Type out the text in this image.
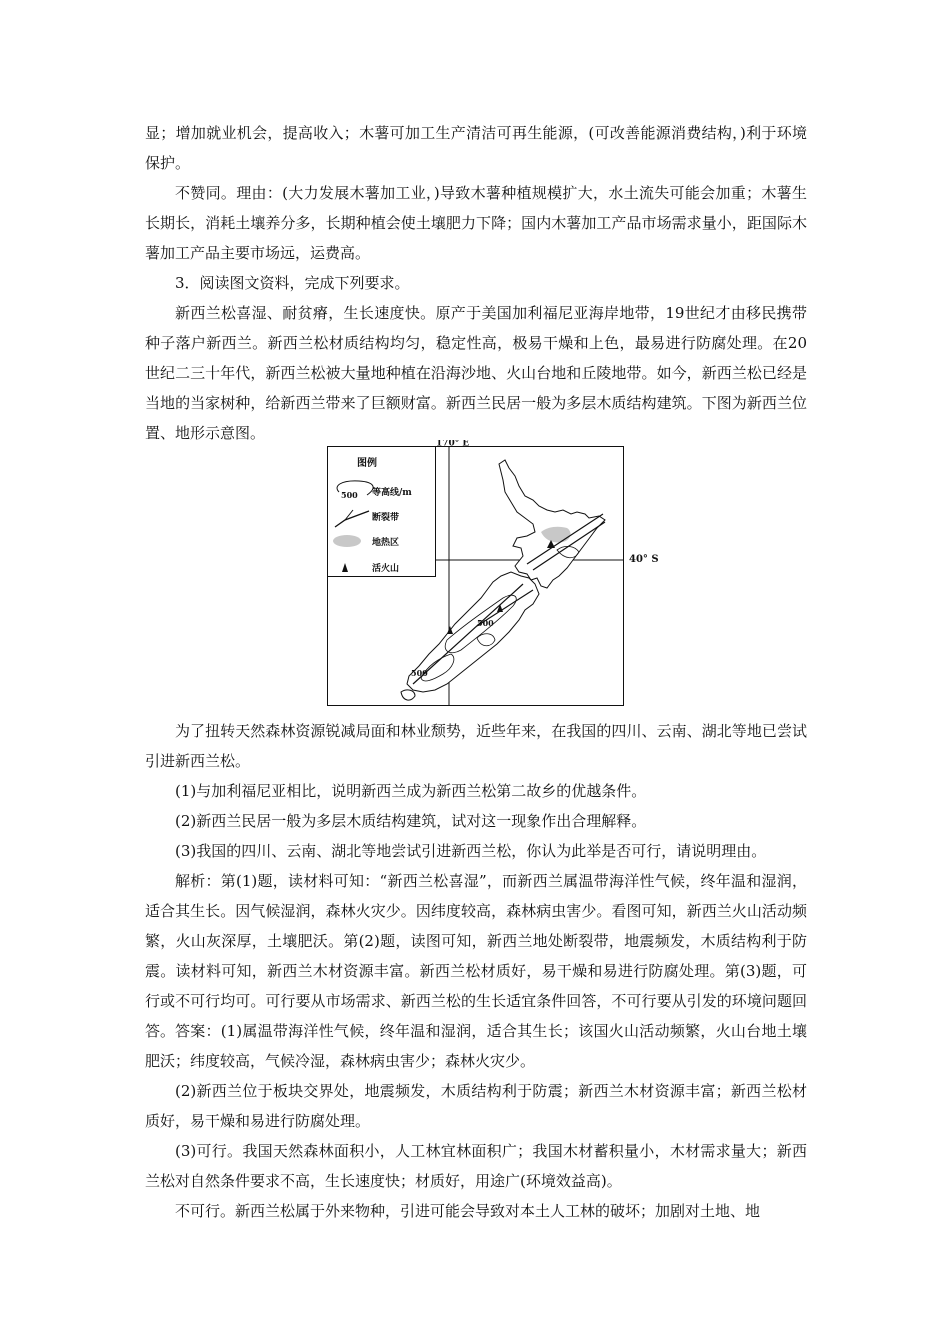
显；增加就业机会，提高收入；木薯可加工生产清洁可再生能源，(可改善能源消费结构，)利于环境保护。

不赞同。理由：(大力发展木薯加工业，)导致木薯种植规模扩大，水土流失可能会加重；木薯生长期长，消耗土壤养分多，长期种植会使土壤肥力下降；国内木薯加工产品市场需求量小，距国际木薯加工产品主要市场远，运费高。

3．阅读图文资料，完成下列要求。

新西兰松喜湿、耐贫瘠，生长速度快。原产于美国加利福尼亚海岸地带，19世纪才由移民携带种子落户新西兰。新西兰松材质结构均匀，稳定性高，极易干燥和上色，最易进行防腐处理。在20世纪二三十年代，新西兰松被大量地种植在沿海沙地、火山台地和丘陵地带。如今，新西兰松已经是当地的当家树种，给新西兰带来了巨额财富。新西兰民居一般为多层木质结构建筑。下图为新西兰位置、地形示意图。

170° E
图例
500 等高线/m
断裂带
地热区
活火山
500
500
40° S

为了扭转天然森林资源锐减局面和林业颓势，近些年来，在我国的四川、云南、湖北等地已尝试引进新西兰松。

(1)与加利福尼亚相比，说明新西兰成为新西兰松第二故乡的优越条件。

(2)新西兰民居一般为多层木质结构建筑，试对这一现象作出合理解释。

(3)我国的四川、云南、湖北等地尝试引进新西兰松，你认为此举是否可行，请说明理由。

解析：第(1)题，读材料可知：“新西兰松喜湿”，而新西兰属温带海洋性气候，终年温和湿润，适合其生长。因气候湿润，森林火灾少。因纬度较高，森林病虫害少。看图可知，新西兰火山活动频繁，火山灰深厚，土壤肥沃。第(2)题，读图可知，新西兰地处断裂带，地震频发，木质结构利于防震。读材料可知，新西兰木材资源丰富。新西兰松材质好，易干燥和易进行防腐处理。第(3)题，可行或不可行均可。可行要从市场需求、新西兰松的生长适宜条件回答，不可行要从引发的环境问题回答。 答案：(1)属温带海洋性气候，终年温和湿润，适合其生长；该国火山活动频繁，火山台地土壤肥沃；纬度较高，气候冷湿，森林病虫害少；森林火灾少。

(2)新西兰位于板块交界处，地震频发，木质结构利于防震；新西兰木材资源丰富；新西兰松材质好，易干燥和易进行防腐处理。

(3)可行。我国天然森林面积小，人工林宜林面积广；我国木材蓄积量小，木材需求量大；新西兰松对自然条件要求不高，生长速度快；材质好，用途广(环境效益高)。

不可行。新西兰松属于外来物种，引进可能会导致对本土人工林的破坏；加剧对土地、地
